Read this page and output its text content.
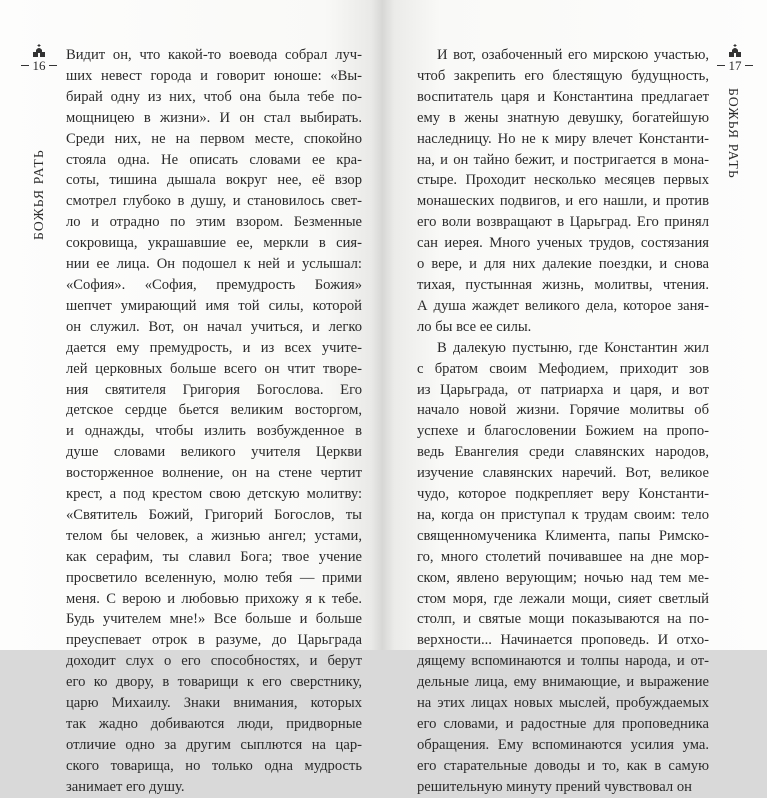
16
БОЖЬЯ РАТЬ
Видит он, что какой-то воевода собрал луч-
ших невест города и говорит юноше: «Вы-
бирай одну из них, чтоб она была тебе по-
мощницею в жизни». И он стал выбирать.
Среди них, не на первом месте, спокойно
стояла одна. Не описать словами ее кра-
соты, тишина дышала вокруг нее, её взор
смотрел глубоко в душу, и становилось свет-
ло и отрадно по этим взором. Безменные
сокровища, украшавшие ее, меркли в сия-
нии ее лица. Он подошел к ней и услышал:
«София». «София, премудрость Божия»
шепчет умирающий имя той силы, которой
он служил. Вот, он начал учиться, и легко
дается ему премудрость, и из всех учите-
лей церковных больше всего он чтит творе-
ния святителя Григория Богослова. Его
детское сердце бьется великим восторгом,
и однажды, чтобы излить возбужденное в
душе словами великого учителя Церкви
восторженное волнение, он на стене чертит
крест, а под крестом свою детскую молитву:
«Святитель Божий, Григорий Богослов, ты
телом бы человек, а жизнью ангел; устами,
как серафим, ты славил Бога; твое учение
просветило вселенную, молю тебя — прими
меня. С верою и любовью прихожу я к тебе.
Будь учителем мне!» Все больше и больше
преуспевает отрок в разуме, до Царьграда
доходит слух о его способностях, и берут
его ко двору, в товарищи к его сверстнику,
царю Михаилу. Знаки внимания, которых
так жадно добиваются люди, придворные
отличие одно за другим сыплются на цар-
ского товарища, но только одна мудрость
занимает его душу.
И вот, озабоченный его мирскою участью,
чтоб закрепить его блестящую будущность,
воспитатель царя и Константина предлагает
ему в жены знатную девушку, богатейшую
наследницу. Но не к миру влечет Константи-
на, и он тайно бежит, и постригается в мона-
стыре. Проходит несколько месяцев первых
монашеских подвигов, и его нашли, и против
его воли возвращают в Царьград. Его принял
сан иерея. Много ученых трудов, состязания
о вере, и для них далекие поездки, и снова
тихая, пустынная жизнь, молитвы, чтения.
А душа жаждет великого дела, которое заня-
ло бы все ее силы.
В далекую пустыню, где Константин жил
с братом своим Мефодием, приходит зов
из Царьграда, от патриарха и царя, и вот
начало новой жизни. Горячие молитвы об
успехе и благословении Божием на пропо-
ведь Евангелия среди славянских народов,
изучение славянских наречий. Вот, великое
чудо, которое подкрепляет веру Константи-
на, когда он приступал к трудам своим: тело
священномученика Климента, папы Римско-
го, много столетий почивавшее на дне мор-
ском, явлено верующим; ночью над тем ме-
стом моря, где лежали мощи, сияет светлый
столп, и святые мощи показываются на по-
верхности... Начинается проповедь. И отхо-
дящему вспоминаются и толпы народа, и от-
дельные лица, ему внимающие, и выражение
на этих лицах новых мыслей, пробуждаемых
его словами, и радостные для проповедника
обращения. Ему вспоминаются усилия ума.
его старательные доводы и то, как в самую
решительную минуту прений чувствовал он
17
БОЖЬЯ РАТЬ
